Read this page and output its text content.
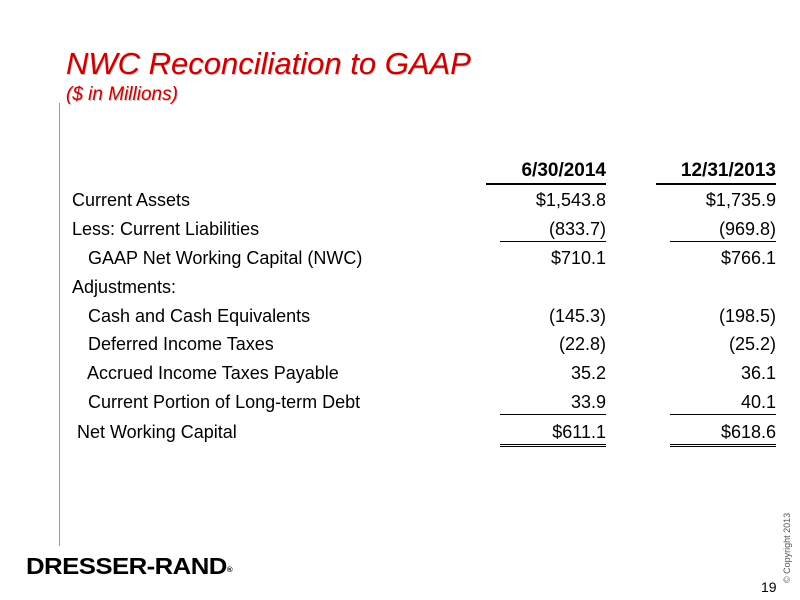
NWC Reconciliation to GAAP
($ in Millions)
6/30/2014	12/31/2013
Current Assets	$1,543.8	$1,735.9
Less: Current Liabilities	(833.7)	(969.8)
GAAP Net Working Capital (NWC)	$710.1	$766.1
Adjustments:
Cash and Cash Equivalents	(145.3)	(198.5)
Deferred Income Taxes	(22.8)	(25.2)
Accrued Income Taxes Payable	35.2	36.1
Current Portion of Long-term Debt	33.9	40.1
Net Working Capital	$611.1	$618.6
DRESSER-RAND®	© Copyright 2013
19
